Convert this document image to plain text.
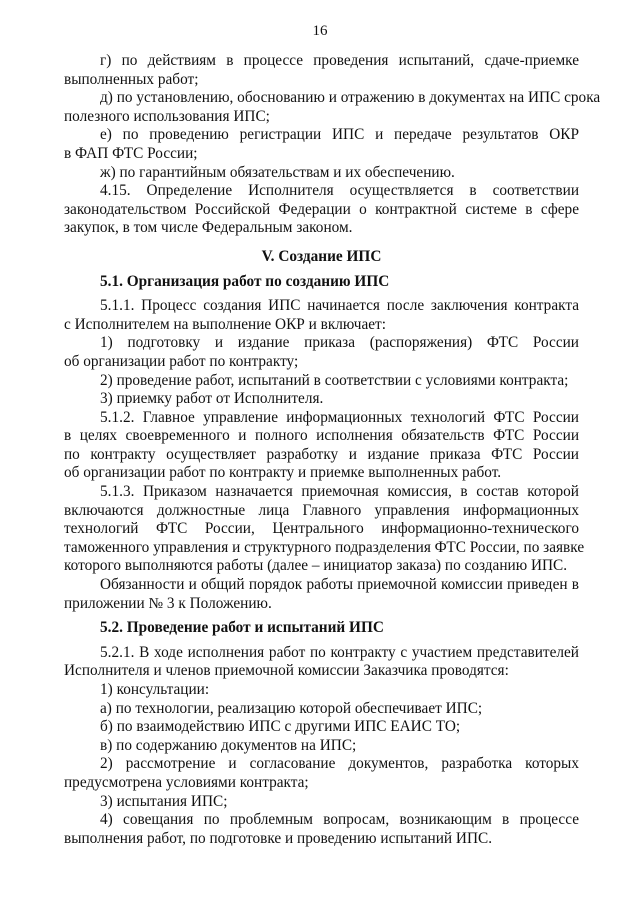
16
г) по действиям в процессе проведения испытаний, сдаче-приемке
выполненных работ;
д) по установлению, обоснованию и отражению в документах на ИПС срока
полезного использования ИПС;
е) по проведению регистрации ИПС и передаче результатов ОКР
в ФАП ФТС России;
ж) по гарантийным обязательствам и их обеспечению.
4.15. Определение Исполнителя осуществляется в соответствии
законодательством Российской Федерации о контрактной системе в сфере
закупок, в том числе Федеральным законом.
V. Создание ИПС
5.1. Организация работ по созданию ИПС
5.1.1. Процесс создания ИПС начинается после заключения контракта
с Исполнителем на выполнение ОКР и включает:
1) подготовку и издание приказа (распоряжения) ФТС России
об организации работ по контракту;
2) проведение работ, испытаний в соответствии с условиями контракта;
3) приемку работ от Исполнителя.
5.1.2. Главное управление информационных технологий ФТС России
в целях своевременного и полного исполнения обязательств ФТС России
по контракту осуществляет разработку и издание приказа ФТС России
об организации работ по контракту и приемке выполненных работ.
5.1.3. Приказом назначается приемочная комиссия, в состав которой
включаются должностные лица Главного управления информационных
технологий ФТС России, Центрального информационно-технического
таможенного управления и структурного подразделения ФТС России, по заявке
которого выполняются работы (далее – инициатор заказа) по созданию ИПС.
Обязанности и общий порядок работы приемочной комиссии приведен в
приложении № 3 к Положению.
5.2. Проведение работ и испытаний ИПС
5.2.1. В ходе исполнения работ по контракту с участием представителей
Исполнителя и членов приемочной комиссии Заказчика проводятся:
1) консультации:
а) по технологии, реализацию которой обеспечивает ИПС;
б) по взаимодействию ИПС с другими ИПС ЕАИС ТО;
в) по содержанию документов на ИПС;
2) рассмотрение и согласование документов, разработка которых
предусмотрена условиями контракта;
3) испытания ИПС;
4) совещания по проблемным вопросам, возникающим в процессе
выполнения работ, по подготовке и проведению испытаний ИПС.
